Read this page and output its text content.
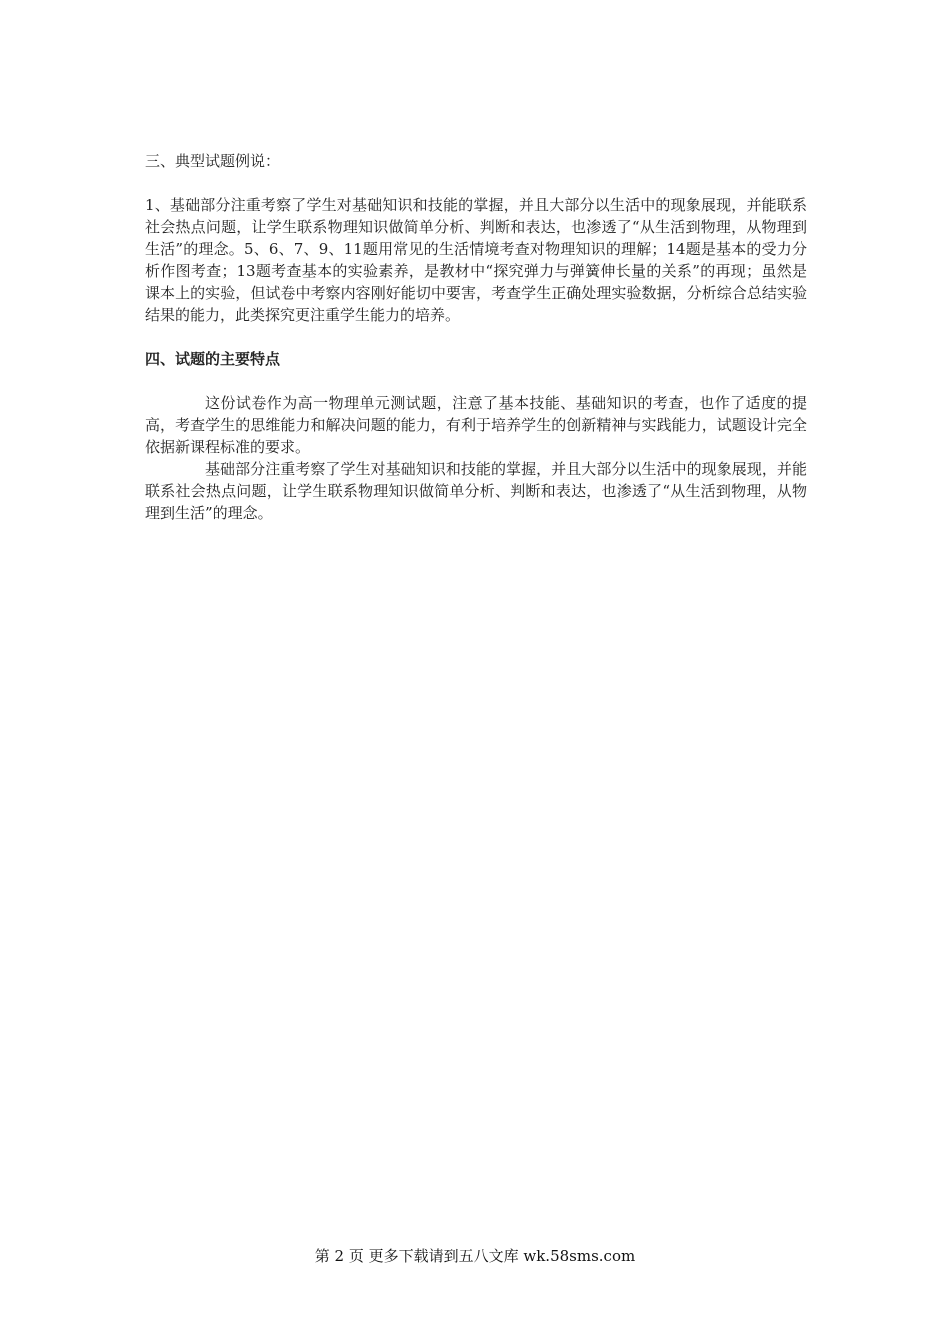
三、典型试题例说：

1、基础部分注重考察了学生对基础知识和技能的掌握，并且大部分以生活中的现象展现，并能联系社会热点问题，让学生联系物理知识做简单分析、判断和表达，也渗透了“从生活到物理，从物理到生活”的理念。5、6、7、9、11题用常见的生活情境考查对物理知识的理解；14题是基本的受力分析作图考查；13题考查基本的实验素养，是教材中“探究弹力与弹簧伸长量的关系”的再现；虽然是课本上的实验，但试卷中考察内容刚好能切中要害，考查学生正确处理实验数据，分析综合总结实验结果的能力，此类探究更注重学生能力的培养。

四、试题的主要特点

这份试卷作为高一物理单元测试题，注意了基本技能、基础知识的考查，也作了适度的提高，考查学生的思维能力和解决问题的能力，有利于培养学生的创新精神与实践能力，试题设计完全依据新课程标准的要求。

基础部分注重考察了学生对基础知识和技能的掌握，并且大部分以生活中的现象展现，并能联系社会热点问题，让学生联系物理知识做简单分析、判断和表达，也渗透了“从生活到物理，从物理到生活”的理念。

第 2 页 更多下载请到五八文库 wk.58sms.com
